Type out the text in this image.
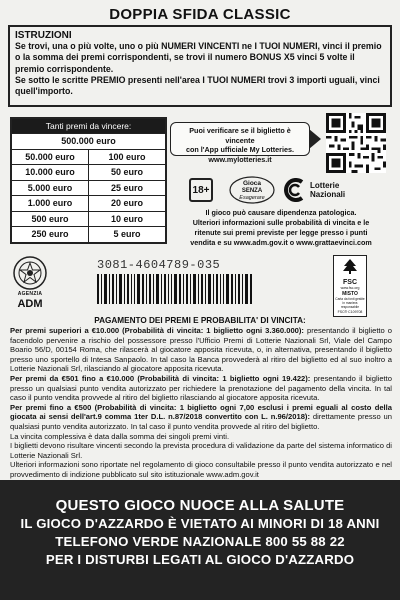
DOPPIA SFIDA CLASSIC
ISTRUZIONI
Se trovi, una o più volte, uno o più NUMERI VINCENTI ne I TUOI NUMERI, vinci il premio o la somma dei premi corrispondenti, se trovi il numero BONUS X5 vinci 5 volte il premio corrispondente.
Se sotto le scritte PREMIO presenti nell'area I TUOI NUMERI trovi 3 importi uguali, vinci quell'importo.
Tanti premi da vincere:
500.000 euro
50.000 euro	100 euro
10.000 euro	50 euro
5.000 euro	25 euro
1.000 euro	20 euro
500 euro	10 euro
250 euro	5 euro
Puoi verificare se il biglietto è vincente
con l'App ufficiale My Lotteries.
www.mylotteries.it
18+
Gioca
SENZA
Esagerare
Lotterie
Nazionali
Il gioco può causare dipendenza patologica.
Ulteriori informazioni sulle probabilità di vincita e le
ritenute sui premi previste per legge presso i punti
vendita e su www.adm.gov.it o www.grattaevinci.com
AGENZIA
ADM
3081-4604789-035
FSC
www.fsc.org
MISTO
Carta da fonti gestite in maniera responsabile
FSC® C109708
PAGAMENTO DEI PREMI E PROBABILITA' DI VINCITA:

Per premi superiori a €10.000 (Probabilità di vincita: 1 biglietto ogni 3.360.000): presentando il biglietto o facendolo pervenire a rischio del possessore presso l'Ufficio Premi di Lotterie Nazionali Srl, Viale del Campo Boario 56/D, 00154 Roma, che rilascerà al giocatore apposita ricevuta, o, in alternativa, presentando il biglietto presso uno sportello di Intesa Sanpaolo. In tal caso la Banca provvederà al ritiro del biglietto ed al suo inoltro a Lotterie Nazionali Srl, rilasciando al giocatore apposita ricevuta.

Per premi da €501 fino a €10.000 (Probabilità di vincita: 1 biglietto ogni 19.422): presentando il biglietto presso un qualsiasi punto vendita autorizzato per richiedere la prenotazione del pagamento della vincita. In tal caso il punto vendita provvede al ritiro del biglietto rilasciando al giocatore apposita ricevuta.

Per premi fino a €500 (Probabilità di vincita: 1 biglietto ogni 7,00 esclusi i premi eguali al costo della giocata ai sensi dell'art.9 comma 1ter D.L. n.87/2018 convertito con L. n.96/2018): direttamente presso un qualsiasi punto vendita autorizzato. In tal caso il punto vendita provvede al ritiro del biglietto.

La vincita complessiva è data dalla somma dei singoli premi vinti.

I biglietti devono risultare vincenti secondo la prevista procedura di validazione da parte del sistema informatico di Lotterie Nazionali Srl.

Ulteriori informazioni sono riportate nel regolamento di gioco consultabile presso il punto vendita autorizzato e nel provvedimento di indizione pubblicato sul sito istituzionale www.adm.gov.it

QUESTO GIOCO NUOCE ALLA SALUTE
IL GIOCO D'AZZARDO È VIETATO AI MINORI DI 18 ANNI
TELEFONO VERDE NAZIONALE 800 55 88 22
PER I DISTURBI LEGATI AL GIOCO D'AZZARDO
